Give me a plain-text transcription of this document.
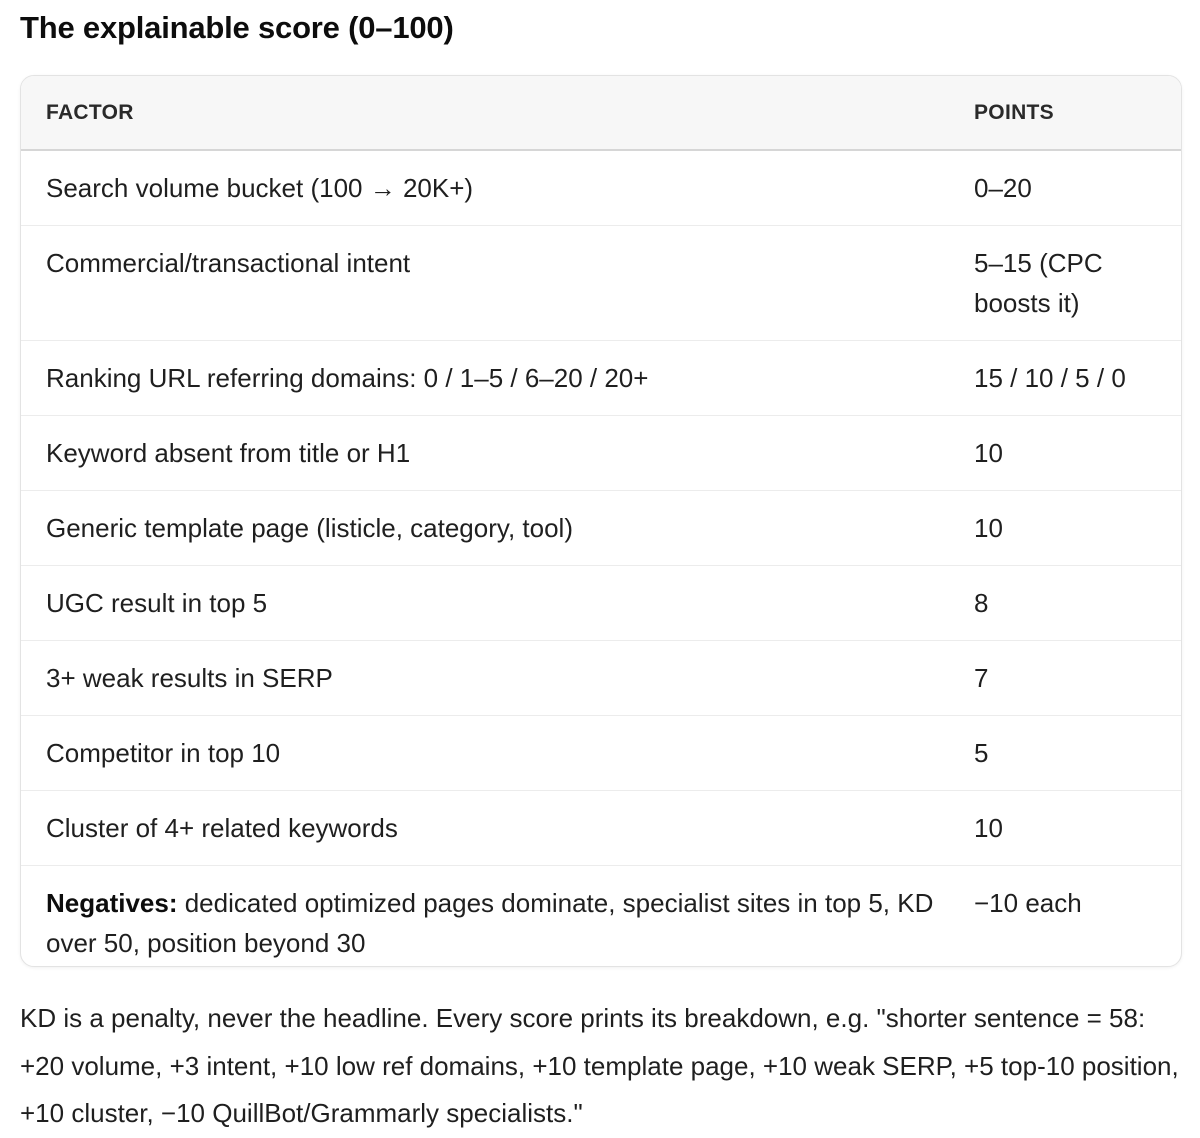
The explainable score (0–100)
FACTOR	POINTS
Search volume bucket (100 → 20K+)	0–20
Commercial/transactional intent	5–15 (CPC boosts it)
Ranking URL referring domains: 0 / 1–5 / 6–20 / 20+	15 / 10 / 5 / 0
Keyword absent from title or H1	10
Generic template page (listicle, category, tool)	10
UGC result in top 5	8
3+ weak results in SERP	7
Competitor in top 10	5
Cluster of 4+ related keywords	10
Negatives: dedicated optimized pages dominate, specialist sites in top 5, KD over 50, position beyond 30	−10 each

KD is a penalty, never the headline. Every score prints its breakdown, e.g. "shorter sentence = 58: +20 volume, +3 intent, +10 low ref domains, +10 template page, +10 weak SERP, +5 top-10 position, +10 cluster, −10 QuillBot/Grammarly specialists."
